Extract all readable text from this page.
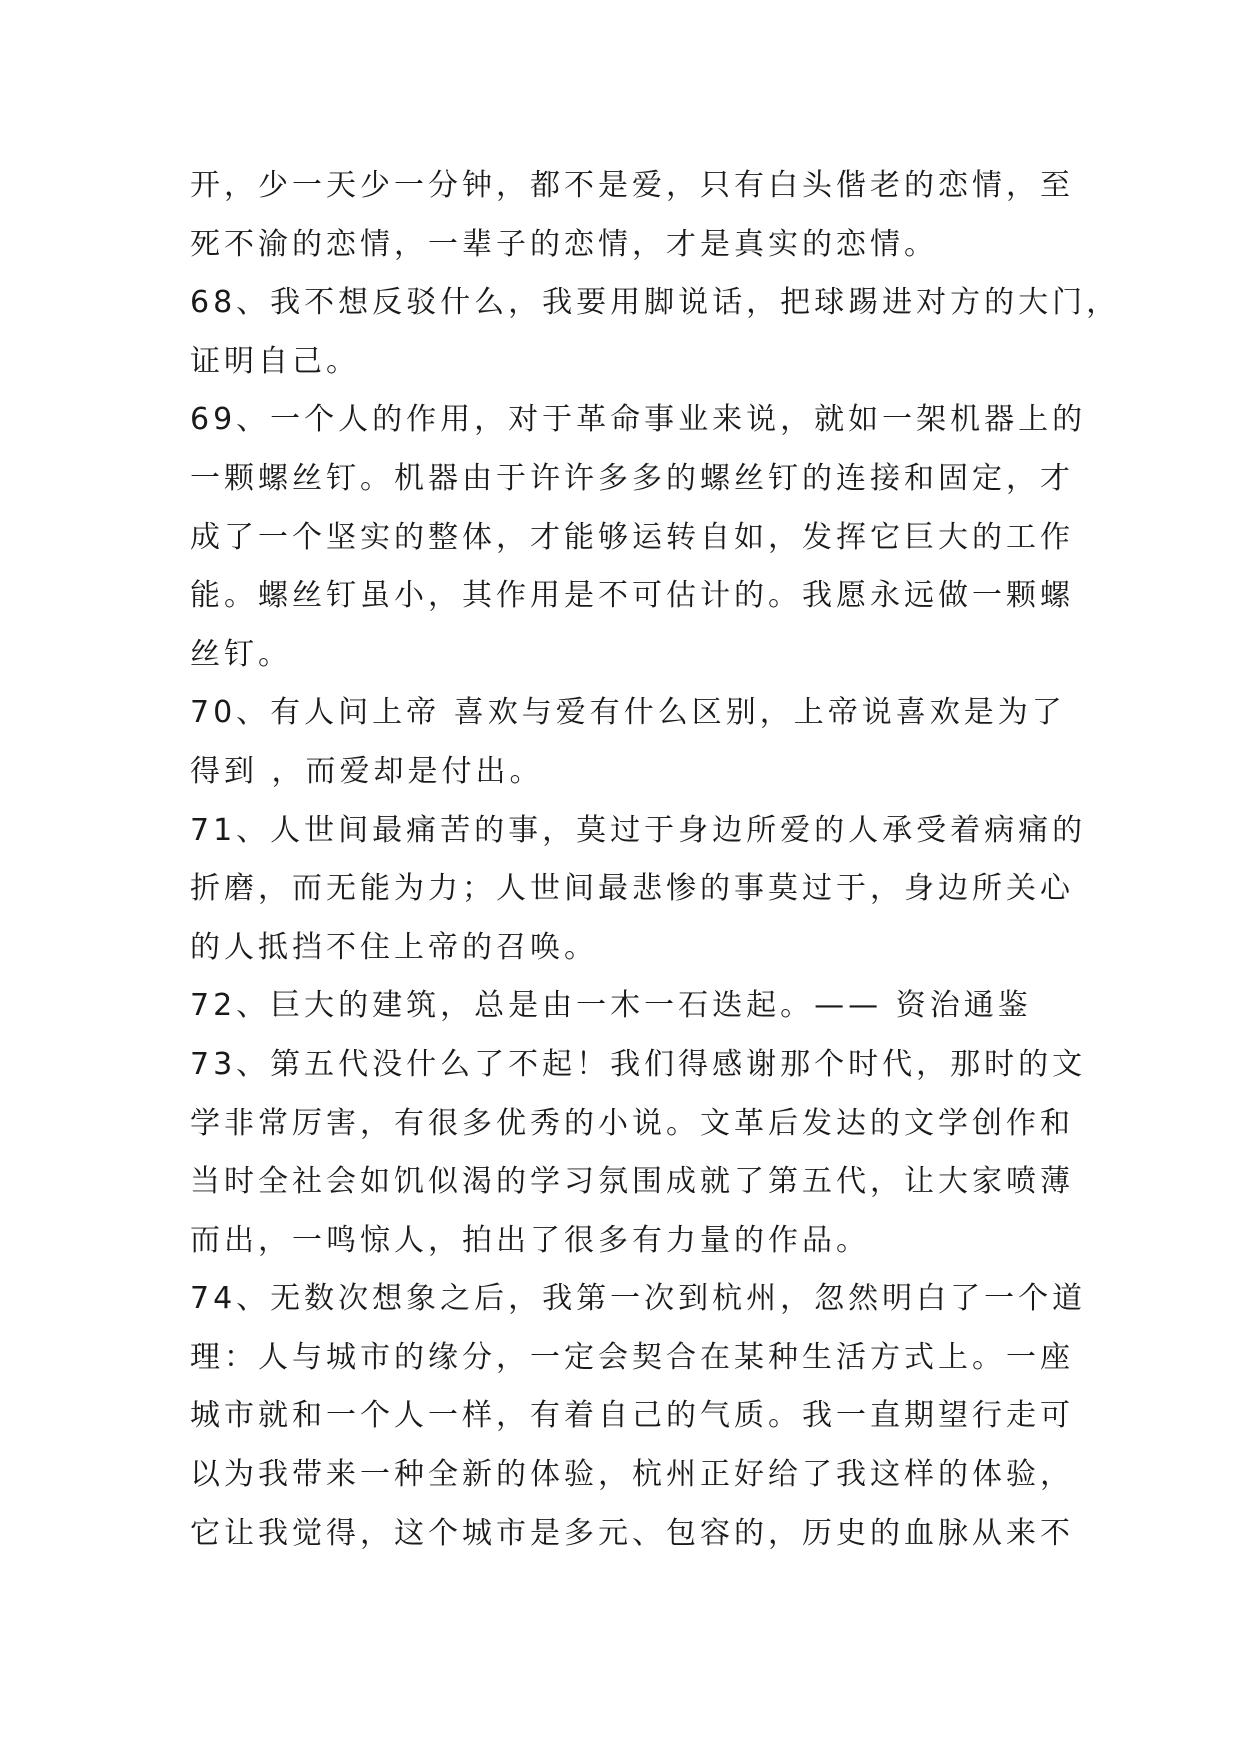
开，少一天少一分钟，都不是爱，只有白头偕老的恋情，至
死不渝的恋情，一辈子的恋情，才是真实的恋情。
68、我不想反驳什么，我要用脚说话，把球踢进对方的大门，
证明自己。
69、一个人的作用，对于革命事业来说，就如一架机器上的
一颗螺丝钉。机器由于许许多多的螺丝钉的连接和固定，才
成了一个坚实的整体，才能够运转自如，发挥它巨大的工作
能。螺丝钉虽小，其作用是不可估计的。我愿永远做一颗螺
丝钉。
70、有人问上帝 喜欢与爱有什么区别，上帝说喜欢是为了
得到 ，而爱却是付出。
71、人世间最痛苦的事，莫过于身边所爱的人承受着病痛的
折磨，而无能为力；人世间最悲惨的事莫过于，身边所关心
的人抵挡不住上帝的召唤。
72、巨大的建筑，总是由一木一石迭起。—— 资治通鉴
73、第五代没什么了不起！我们得感谢那个时代，那时的文
学非常厉害，有很多优秀的小说。文革后发达的文学创作和
当时全社会如饥似渴的学习氛围成就了第五代，让大家喷薄
而出，一鸣惊人，拍出了很多有力量的作品。
74、无数次想象之后，我第一次到杭州，忽然明白了一个道
理：人与城市的缘分，一定会契合在某种生活方式上。一座
城市就和一个人一样，有着自己的气质。我一直期望行走可
以为我带来一种全新的体验，杭州正好给了我这样的体验，
它让我觉得，这个城市是多元、包容的，历史的血脉从来不
